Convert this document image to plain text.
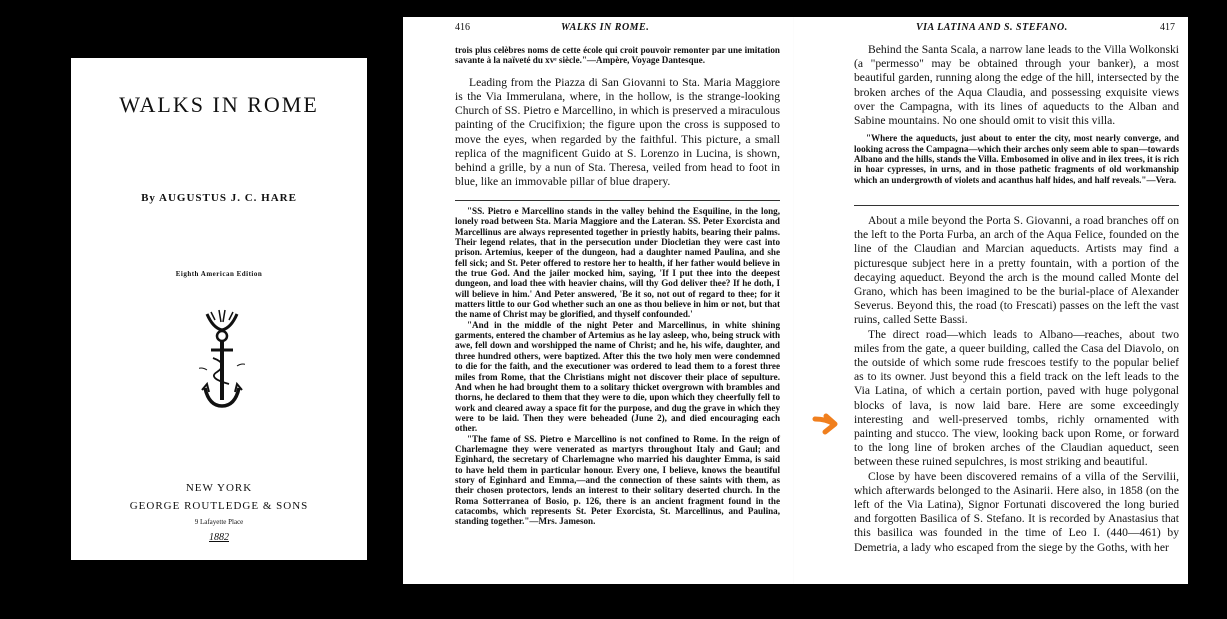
WALKS IN ROME
By AUGUSTUS J. C. HARE
Eighth American Edition
NEW YORK
GEORGE ROUTLEDGE & SONS
9 Lafayette Place
1882
416	WALKS IN ROME.

trois plus celèbres noms de cette école qui croit pouvoir remonter par une imitation savante à la naïveté du xvᵉ siècle."—Ampère, Voyage Dantesque.

Leading from the Piazza di San Giovanni to Sta. Maria Maggiore is the Via Immerulana, where, in the hollow, is the strange-looking Church of SS. Pietro e Marcellino, in which is preserved a miraculous painting of the Crucifixion; the figure upon the cross is supposed to move the eyes, when regarded by the faithful. This picture, a small replica of the magnificent Guido at S. Lorenzo in Lucina, is shown, behind a grille, by a nun of Sta. Theresa, veiled from head to foot in blue, like an immovable pillar of blue drapery.

"SS. Pietro e Marcellino stands in the valley behind the Esquiline, in the long, lonely road between Sta. Maria Maggiore and the Lateran. SS. Peter Exorcista and Marcellinus are always represented together in priestly habits, bearing their palms. Their legend relates, that in the persecution under Diocletian they were cast into prison. Artemius, keeper of the dungeon, had a daughter named Paulina, and she fell sick; and St. Peter offered to restore her to health, if her father would believe in the true God. And the jailer mocked him, saying, 'If I put thee into the deepest dungeon, and load thee with heavier chains, will thy God deliver thee? If he doth, I will believe in him.' And Peter answered, 'Be it so, not out of regard to thee; for it matters little to our God whether such an one as thou believe in him or not, but that the name of Christ may be glorified, and thyself confounded.'

"And in the middle of the night Peter and Marcellinus, in white shining garments, entered the chamber of Artemius as he lay asleep, who, being struck with awe, fell down and worshipped the name of Christ; and he, his wife, daughter, and three hundred others, were baptized. After this the two holy men were condemned to die for the faith, and the executioner was ordered to lead them to a forest three miles from Rome, that the Christians might not discover their place of sepulture. And when he had brought them to a solitary thicket overgrown with brambles and thorns, he declared to them that they were to die, upon which they cheerfully fell to work and cleared away a space fit for the purpose, and dug the grave in which they were to be laid. Then they were beheaded (June 2), and died encouraging each other.

"The fame of SS. Pietro e Marcellino is not confined to Rome. In the reign of Charlemagne they were venerated as martyrs throughout Italy and Gaul; and Eginhard, the secretary of Charlemagne who married his daughter Emma, is said to have held them in particular honour. Every one, I believe, knows the beautiful story of Eginhard and Emma,—and the connection of these saints with them, as their chosen protectors, lends an interest to their solitary deserted church. In the Roma Sotterranea of Bosio, p. 126, there is an ancient fragment found in the catacombs, which represents St. Peter Exorcista, St. Marcellinus, and Paulina, standing together."—Mrs. Jameson.

VIA LATINA AND S. STEFANO.	417

Behind the Santa Scala, a narrow lane leads to the Villa Wolkonski (a "permesso" may be obtained through your banker), a most beautiful garden, running along the edge of the hill, intersected by the broken arches of the Aqua Claudia, and possessing exquisite views over the Campagna, with its lines of aqueducts to the Alban and Sabine mountains. No one should omit to visit this villa.

"Where the aqueducts, just about to enter the city, most nearly converge, and looking across the Campagna—which their arches only seem able to span—towards Albano and the hills, stands the Villa. Embosomed in olive and in ilex trees, it is rich in hoar cypresses, in urns, and in those pathetic fragments of old workmanship which an undergrowth of violets and acanthus half hides, and half reveals."—Vera.

About a mile beyond the Porta S. Giovanni, a road branches off on the left to the Porta Furba, an arch of the Aqua Felice, founded on the line of the Claudian and Marcian aqueducts. Artists may find a picturesque subject here in a pretty fountain, with a portion of the decaying aqueduct. Beyond the arch is the mound called Monte del Grano, which has been imagined to be the burial-place of Alexander Severus. Beyond this, the road (to Frescati) passes on the left the vast ruins, called Sette Bassi.

The direct road—which leads to Albano—reaches, about two miles from the gate, a queer building, called the Casa del Diavolo, on the outside of which some rude frescoes testify to the popular belief as to its owner. Just beyond this a field track on the left leads to the Via Latina, of which a certain portion, paved with huge polygonal blocks of lava, is now laid bare. Here are some exceedingly interesting and well-preserved tombs, richly ornamented with painting and stucco. The view, looking back upon Rome, or forward to the long line of broken arches of the Claudian aqueduct, seen between these ruined sepulchres, is most striking and beautiful.

Close by have been discovered remains of a villa of the Servilii, which afterwards belonged to the Asinarii. Here also, in 1858 (on the left of the Via Latina), Signor Fortunati discovered the long buried and forgotten Basilica of S. Stefano. It is recorded by Anastasius that this basilica was founded in the time of Leo I. (440—461) by Demetria, a lady who escaped from the siege by the Goths, with her
